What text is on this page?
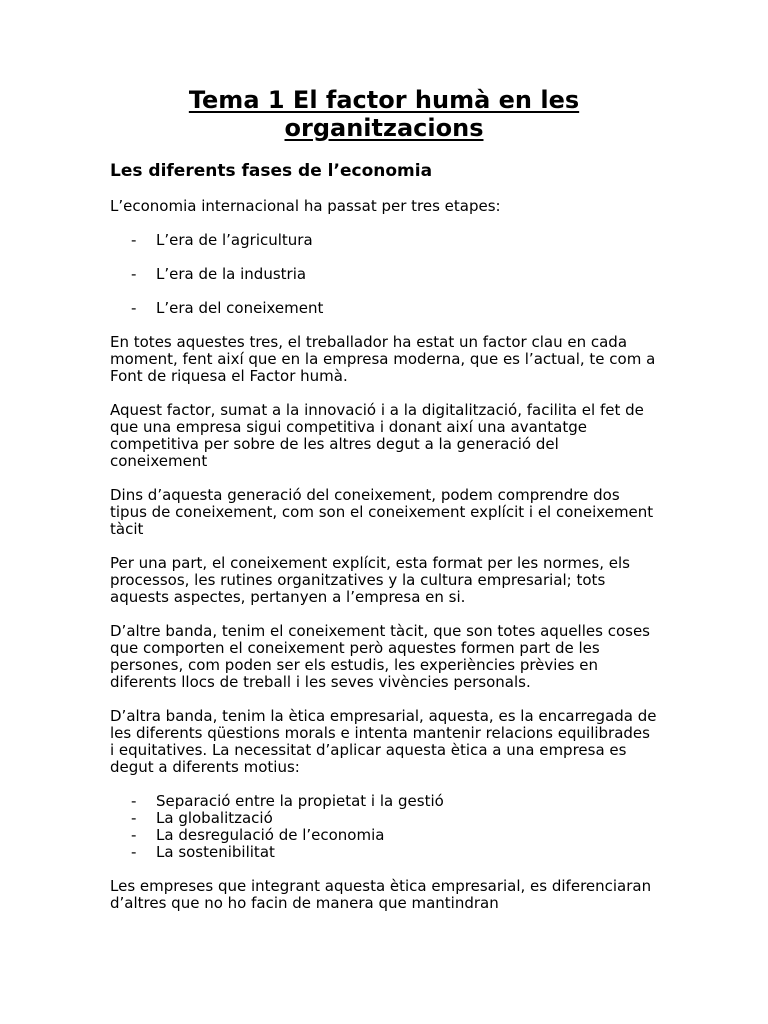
Tema 1 El factor humà en les organitzacions
Les diferents fases de l’economia

L’economia internacional ha passat per tres etapes:

- L’era de l’agricultura
- L’era de la industria
- L’era del coneixement

En totes aquestes tres, el treballador ha estat un factor clau en cada moment, fent així que en la empresa moderna, que es l’actual, te com a Font de riquesa el Factor humà.

Aquest factor, sumat a la innovació i a la digitalització, facilita el fet de que una empresa sigui competitiva i donant així una avantatge competitiva per sobre de les altres degut a la generació del coneixement

Dins d’aquesta generació del coneixement, podem comprendre dos tipus de coneixement, com son el coneixement explícit i el coneixement tàcit

Per una part, el coneixement explícit, esta format per les normes, els processos, les rutines organitzatives y la cultura empresarial; tots aquests aspectes, pertanyen a l’empresa en si.

D’altre banda, tenim el coneixement tàcit, que son totes aquelles coses que comporten el coneixement però aquestes formen part de les persones, com poden ser els estudis, les experiències prèvies en diferents llocs de treball i les seves vivències personals.

D’altra banda, tenim la ètica empresarial, aquesta, es la encarregada de les diferents qüestions morals e intenta mantenir relacions equilibrades i equitatives. La necessitat d’aplicar aquesta ètica a una empresa es degut a diferents motius:

- Separació entre la propietat i la gestió
- La globalització
- La desregulació de l’economia
- La sostenibilitat

Les empreses que integrant aquesta ètica empresarial, es diferenciaran d’altres que no ho facin de manera que mantindran
